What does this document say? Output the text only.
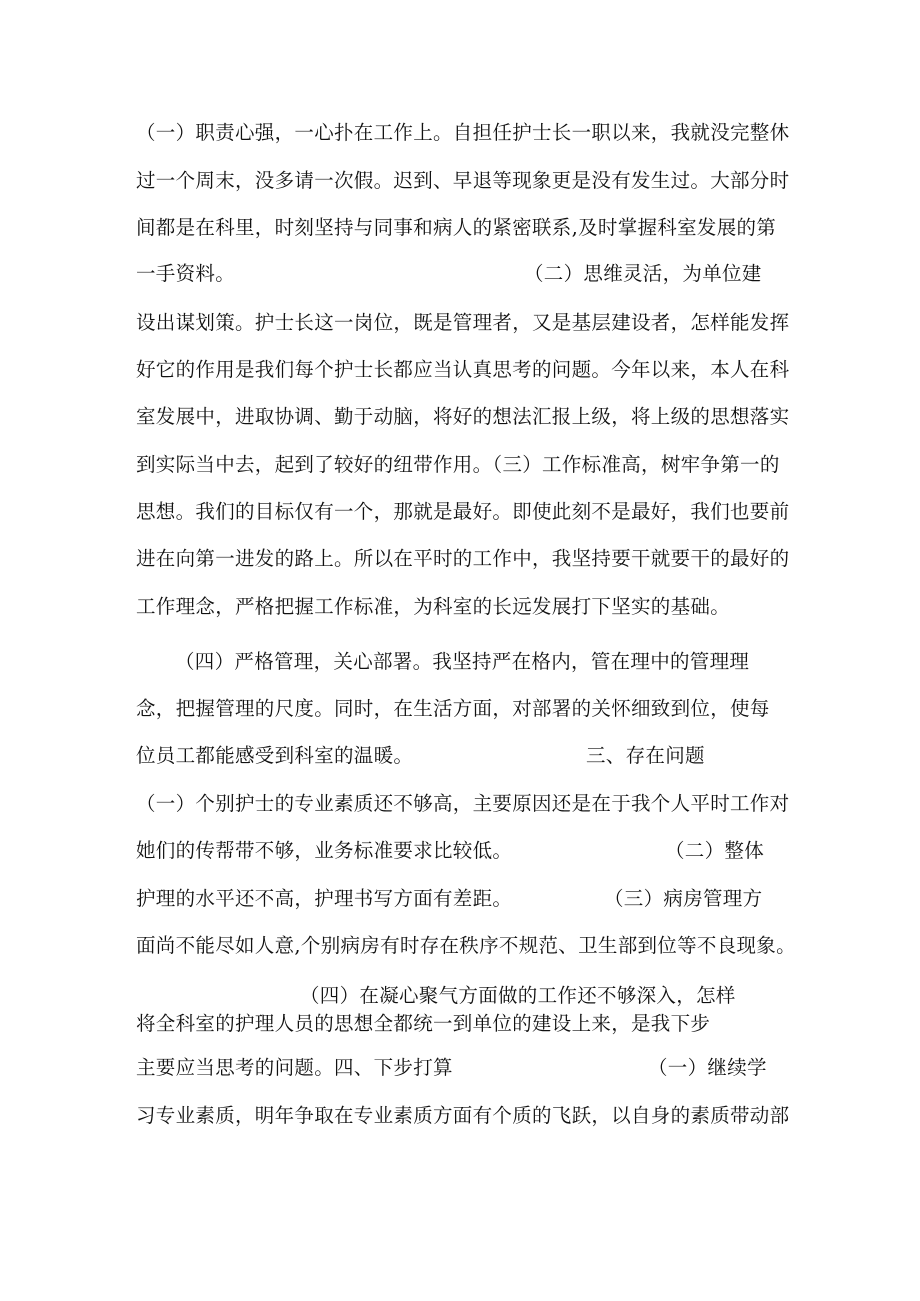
（一）职责心强，一心扑在工作上。自担任护士长一职以来，我就没完整休
过一个周末，没多请一次假。迟到、早退等现象更是没有发生过。大部分时
间都是在科里，时刻坚持与同事和病人的紧密联系,及时掌握科室发展的第
一手资料。	（二）思维灵活，为单位建
设出谋划策。护士长这一岗位，既是管理者，又是基层建设者，怎样能发挥
好它的作用是我们每个护士长都应当认真思考的问题。今年以来，本人在科
室发展中，进取协调、勤于动脑，将好的想法汇报上级，将上级的思想落实
到实际当中去，起到了较好的纽带作用。（三）工作标准高，树牢争第一的
思想。我们的目标仅有一个，那就是最好。即使此刻不是最好，我们也要前
进在向第一进发的路上。所以在平时的工作中，我坚持要干就要干的最好的
工作理念，严格把握工作标准，为科室的长远发展打下坚实的基础。
（四）严格管理，关心部署。我坚持严在格内，管在理中的管理理
念，把握管理的尺度。同时，在生活方面，对部署的关怀细致到位，使每
位员工都能感受到科室的温暖。	三、存在问题
（一）个别护士的专业素质还不够高，主要原因还是在于我个人平时工作对
她们的传帮带不够，业务标准要求比较低。	（二）整体
护理的水平还不高，护理书写方面有差距。	（三）病房管理方
面尚不能尽如人意,个别病房有时存在秩序不规范、卫生部到位等不良现象。
（四）在凝心聚气方面做的工作还不够深入，怎样
将全科室的护理人员的思想全都统一到单位的建设上来，是我下步
主要应当思考的问题。四、下步打算	（一）继续学
习专业素质，明年争取在专业素质方面有个质的飞跃，以自身的素质带动部
